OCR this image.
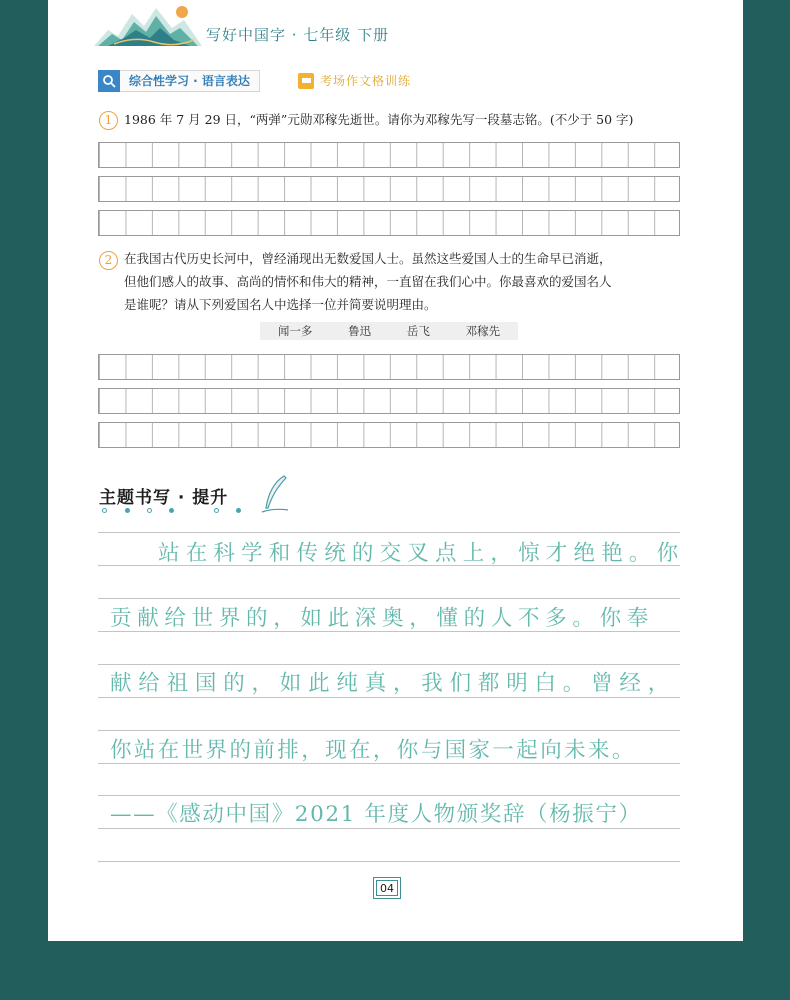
写好中国字 · 七年级 下册
综合性学习 · 语言表达	考场作文格训练
1 1986 年 7 月 29 日，“两弹”元勋邓稼先逝世。请你为邓稼先写一段墓志铭。(不少于 50 字)
2 在我国古代历史长河中，曾经涌现出无数爱国人士。虽然这些爱国人士的生命早已消逝，
但他们感人的故事、高尚的情怀和伟大的精神，一直留在我们心中。你最喜欢的爱国名人
是谁呢？请从下列爱国名人中选择一位并简要说明理由。
闻一多	鲁迅	岳飞	邓稼先
主题书写 · 提升
站在科学和传统的交叉点上，惊才绝艳。你
贡献给世界的，如此深奥，懂的人不多。你奉
献给祖国的，如此纯真，我们都明白。曾经，
你站在世界的前排，现在，你与国家一起向未来。
——《感动中国》2021 年度人物颁奖辞（杨振宁）
04
